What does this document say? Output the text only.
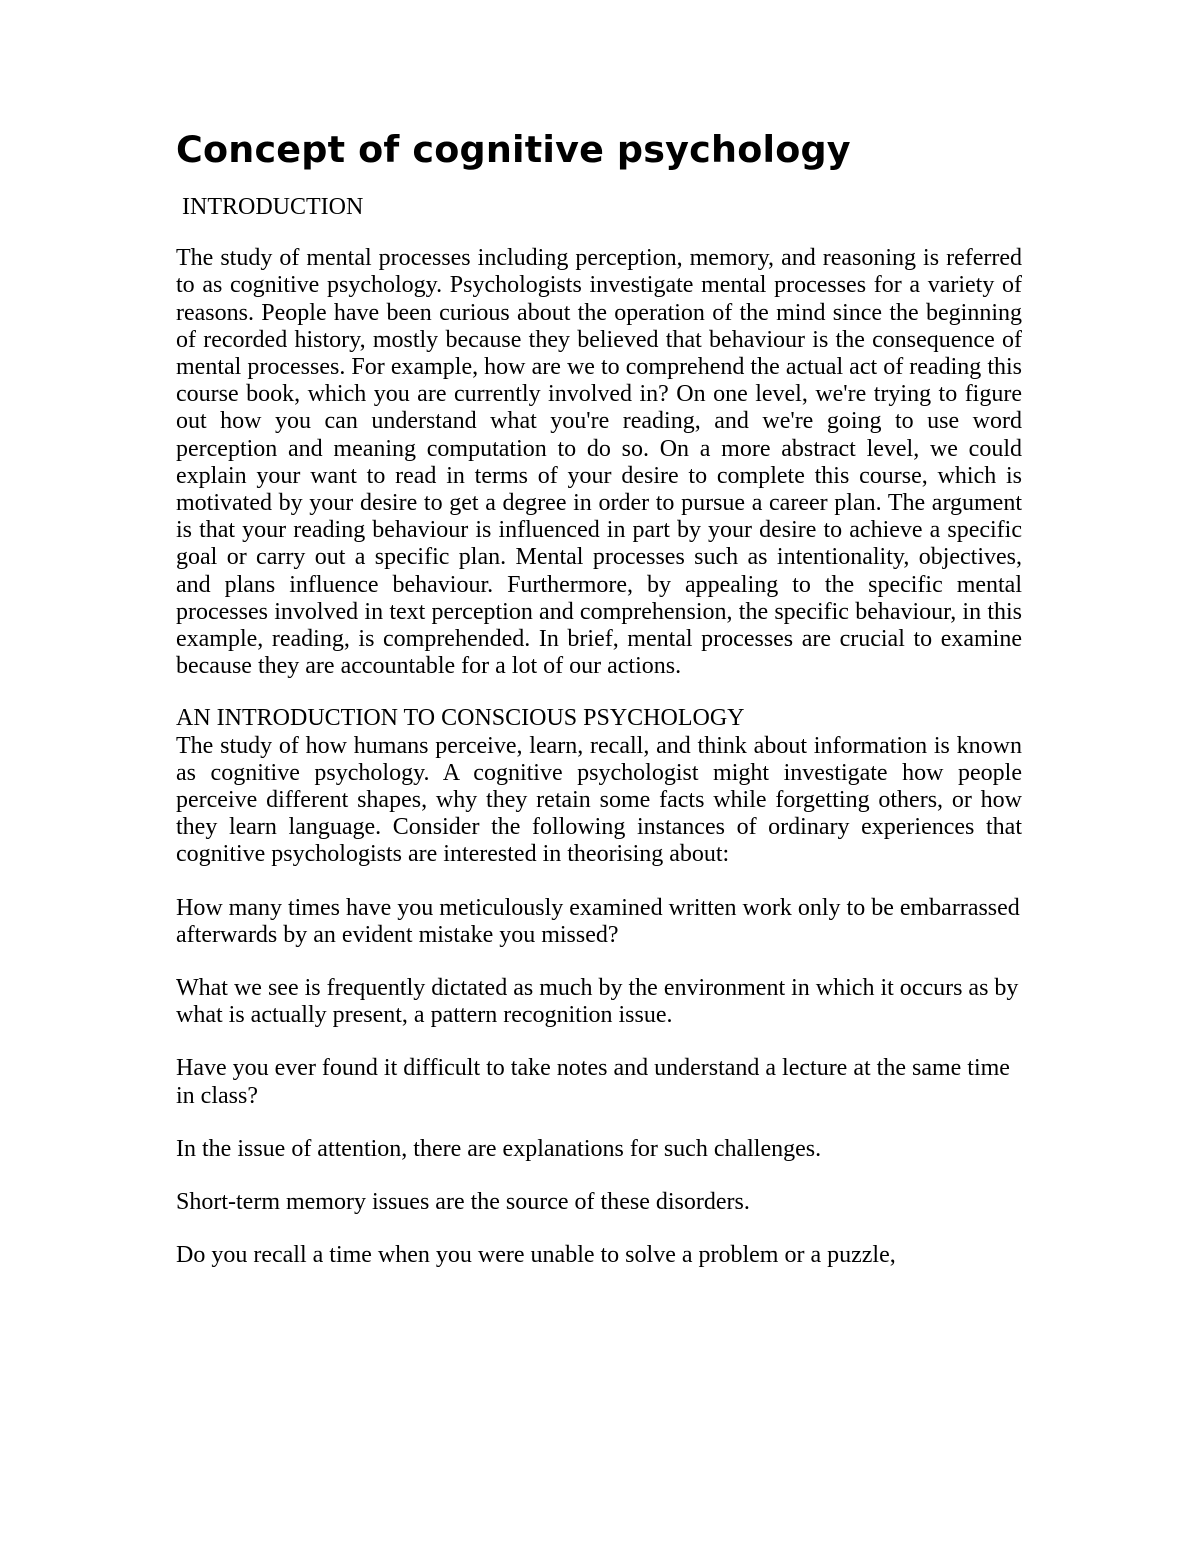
Concept of cognitive psychology

INTRODUCTION

The study of mental processes including perception, memory, and reasoning is referred to as cognitive psychology. Psychologists investigate mental processes for a variety of reasons. People have been curious about the operation of the mind since the beginning of recorded history, mostly because they believed that behaviour is the consequence of mental processes. For example, how are we to comprehend the actual act of reading this course book, which you are currently involved in? On one level, we're trying to figure out how you can understand what you're reading, and we're going to use word perception and meaning computation to do so. On a more abstract level, we could explain your want to read in terms of your desire to complete this course, which is motivated by your desire to get a degree in order to pursue a career plan. The argument is that your reading behaviour is influenced in part by your desire to achieve a specific goal or carry out a specific plan. Mental processes such as intentionality, objectives, and plans influence behaviour. Furthermore, by appealing to the specific mental processes involved in text perception and comprehension, the specific behaviour, in this example, reading, is comprehended. In brief, mental processes are crucial to examine because they are accountable for a lot of our actions.

AN INTRODUCTION TO CONSCIOUS PSYCHOLOGY

The study of how humans perceive, learn, recall, and think about information is known as cognitive psychology. A cognitive psychologist might investigate how people perceive different shapes, why they retain some facts while forgetting others, or how they learn language. Consider the following instances of ordinary experiences that cognitive psychologists are interested in theorising about:

How many times have you meticulously examined written work only to be embarrassed afterwards by an evident mistake you missed?

What we see is frequently dictated as much by the environment in which it occurs as by what is actually present, a pattern recognition issue.

Have you ever found it difficult to take notes and understand a lecture at the same time in class?

In the issue of attention, there are explanations for such challenges.

Short-term memory issues are the source of these disorders.

Do you recall a time when you were unable to solve a problem or a puzzle,
